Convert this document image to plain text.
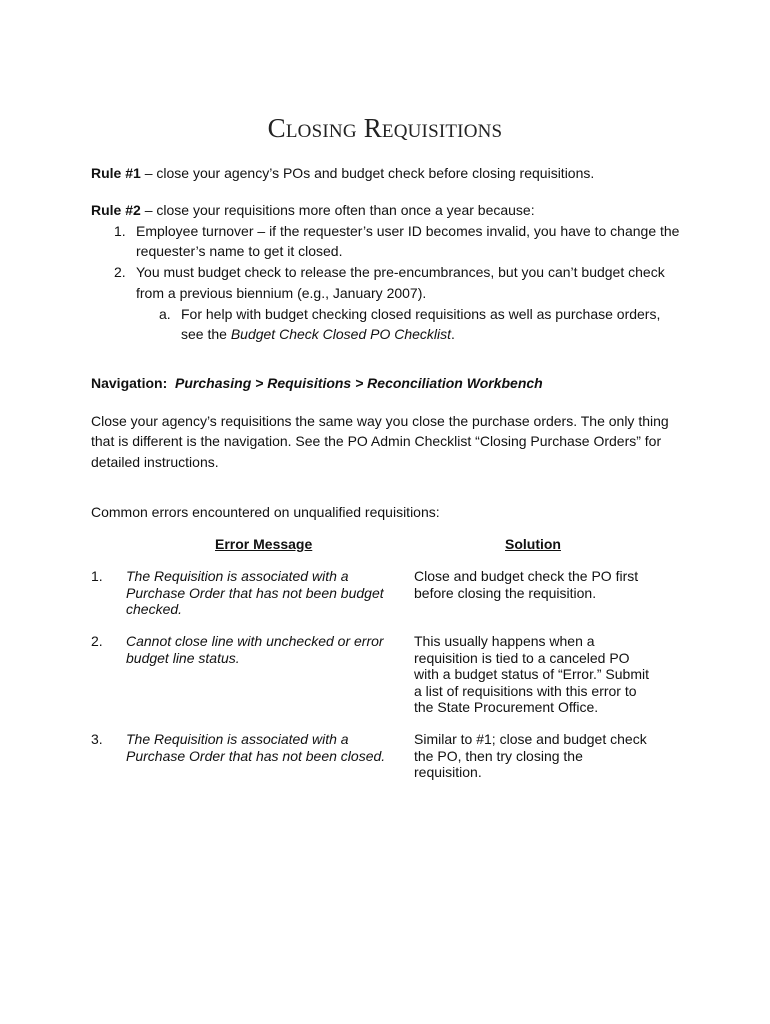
Closing Requisitions
Rule #1 – close your agency’s POs and budget check before closing requisitions.
Rule #2 – close your requisitions more often than once a year because:
1. Employee turnover – if the requester’s user ID becomes invalid, you have to change the
requester’s name to get it closed.
2. You must budget check to release the pre-encumbrances, but you can’t budget check
from a previous biennium (e.g., January 2007).
a. For help with budget checking closed requisitions as well as purchase orders,
see the Budget Check Closed PO Checklist.
Navigation: Purchasing > Requisitions > Reconciliation Workbench
Close your agency’s requisitions the same way you close the purchase orders. The only thing
that is different is the navigation. See the PO Admin Checklist “Closing Purchase Orders” for
detailed instructions.
Common errors encountered on unqualified requisitions:
Error Message	Solution
1. The Requisition is associated with a Purchase Order that has not been budget checked.
Close and budget check the PO first before closing the requisition.
2. Cannot close line with unchecked or error budget line status.
This usually happens when a requisition is tied to a canceled PO with a budget status of “Error.” Submit a list of requisitions with this error to the State Procurement Office.
3. The Requisition is associated with a Purchase Order that has not been closed.
Similar to #1; close and budget check the PO, then try closing the requisition.
